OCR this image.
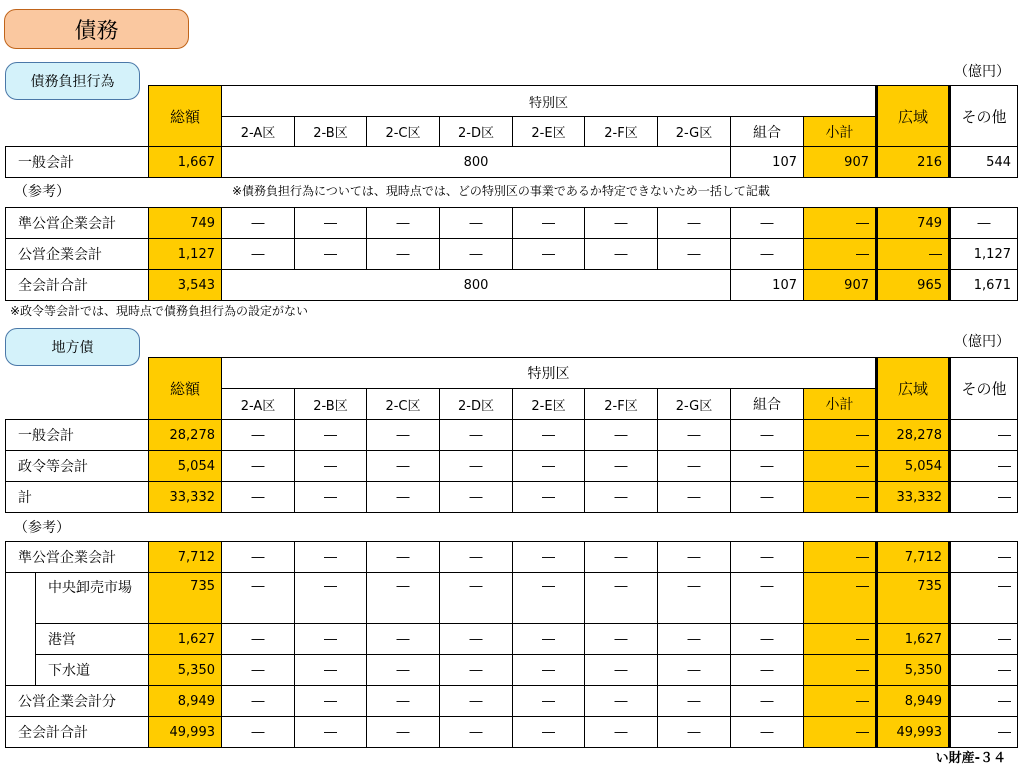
債務
債務負担行為
（億円）
	総額	特別区									広域	その他
		2-A区	2-B区	2-C区	2-D区	2-E区	2-F区	2-G区	組合	小計		
一般会計	1,667	800							107	907	216	544
（参考）	※債務負担行為については、現時点では、どの特別区の事業であるか特定できないため一括して記載
準公営企業会計	749	―	―	―	―	―	―	―	―	―	749	―
公営企業会計	1,127	―	―	―	―	―	―	―	―	―	―	1,127
全会計合計	3,543	800							107	907	965	1,671
※政令等会計では、現時点で債務負担行為の設定がない
地方債	（億円）
	総額	特別区									広域	その他
		2-A区	2-B区	2-C区	2-D区	2-E区	2-F区	2-G区	組合	小計		
一般会計	28,278	―	―	―	―	―	―	―	―	―	28,278	―
政令等会計	5,054	―	―	―	―	―	―	―	―	―	5,054	―
計	33,332	―	―	―	―	―	―	―	―	―	33,332	―
（参考）
準公営企業会計		7,712	―	―	―	―	―	―	―	―	―	7,712	―
	中央卸売市場	735	―	―	―	―	―	―	―	―	―	735	―
	港営	1,627	―	―	―	―	―	―	―	―	―	1,627	―
	下水道	5,350	―	―	―	―	―	―	―	―	―	5,350	―
公営企業会計分		8,949	―	―	―	―	―	―	―	―	―	8,949	―
全会計合計		49,993	―	―	―	―	―	―	―	―	―	49,993	―
い財産-３４
